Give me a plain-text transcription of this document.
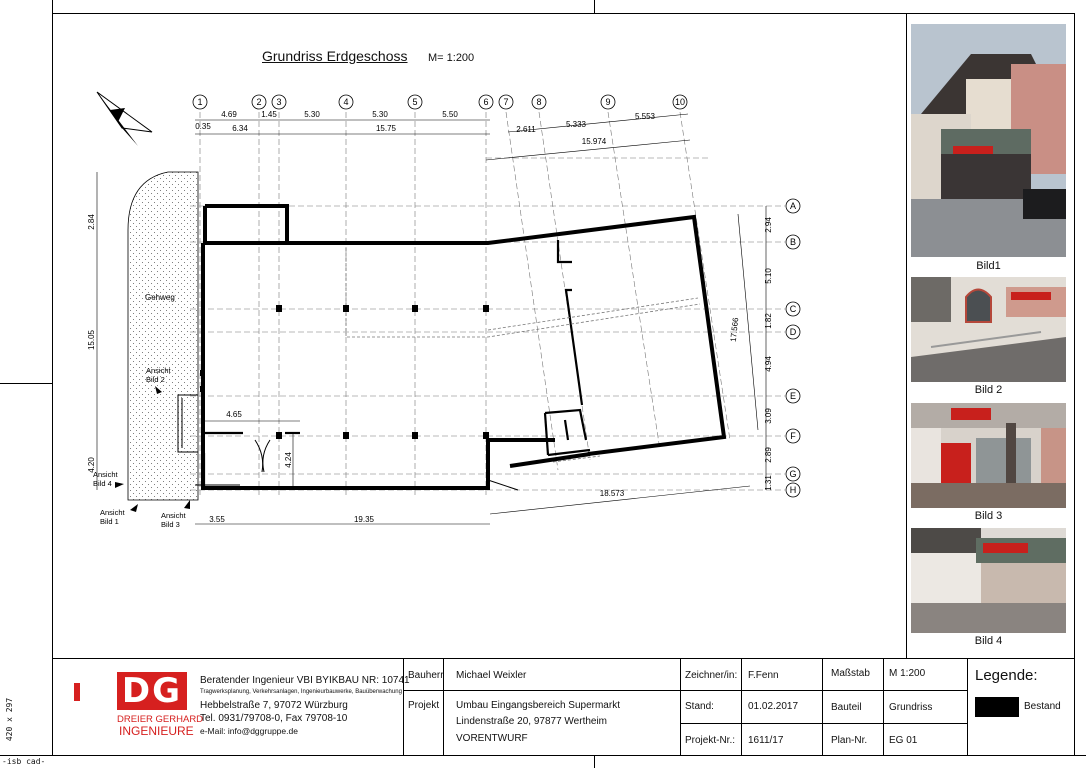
420 x 297
-isb cad-
Grundriss Erdgeschoss M= 1:200
Gehweg
1	2 3	4	5	6 7	8	9	10
A
B
C
D
E
F
G
H
4.69	1.45	5.30	5.30	5.50
0.35	6.34	15.75	2.611
5.333
5.553
15.974
3.55	19.35
18.573
4.65
2.94
5.10
1.82
4.94
3.09
2.89
1.31
17.566
2.84
15.05
4.20	4.24
Ansicht
Bild 2
Ansicht
Bild 4
Ansicht
Bild 1
Ansicht
Bild 3
Bild1
Bild 2
Bild 3
Bild 4
DG
DREIER GERHARD
INGENIEURE
Beratender Ingenieur VBI BYIKBAU NR: 10741
Tragwerksplanung, Verkehrsanlagen, Ingenieurbauwerke, Bauüberwachung
Hebbelstraße 7, 97072 Würzburg
Tel. 0931/79708-0, Fax 79708-10
e-Mail: info@dggruppe.de
Bauherr Michael Weixler
Projekt Umbau Eingangsbereich Supermarkt
Lindenstraße 20, 97877 Wertheim
VORENTWURF
Zeichner/in: F.Fenn
Stand:	01.02.2017
Projekt-Nr.: 1611/17
Maßstab M 1:200
Bauteil	Grundriss
Plan-Nr. EG 01
Legende:
Bestand
